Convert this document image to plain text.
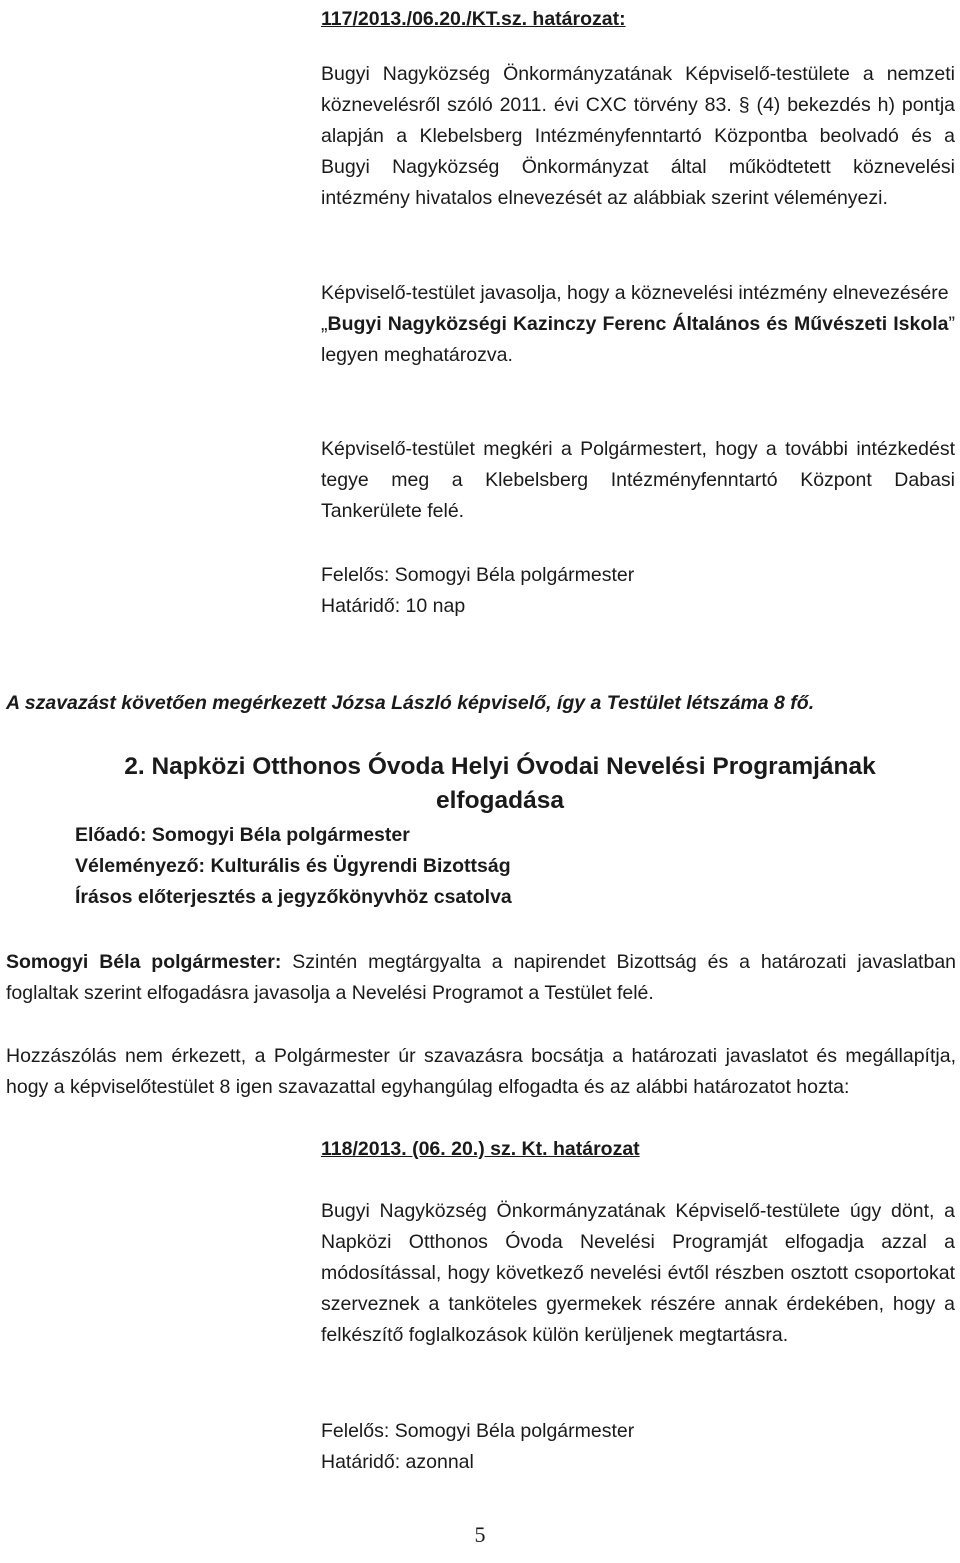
117/2013./06.20./KT.sz. határozat:

Bugyi Nagyközség Önkormányzatának Képviselő-testülete a nemzeti köznevelésről szóló 2011. évi CXC törvény 83. § (4) bekezdés h) pontja alapján a Klebelsberg Intézményfenntartó Központba beolvadó és a Bugyi Nagyközség Önkormányzat által működtetett köznevelési intézmény hivatalos elnevezését az alábbiak szerint véleményezi.

Képviselő-testület javasolja, hogy a köznevelési intézmény elnevezésére
„Bugyi Nagyközségi Kazinczy Ferenc Általános és Művészeti Iskola” legyen meghatározva.

Képviselő-testület megkéri a Polgármestert, hogy a további intézkedést tegye meg a Klebelsberg Intézményfenntartó Központ Dabasi Tankerülete felé.

Felelős: Somogyi Béla polgármester

Határidő: 10 nap

A szavazást követően megérkezett Józsa László képviselő, így a Testület létszáma 8 fő.

2. Napközi Otthonos Óvoda Helyi Óvodai Nevelési Programjának

elfogadása

Előadó: Somogyi Béla polgármester

Véleményező: Kulturális és Ügyrendi Bizottság

Írásos előterjesztés a jegyzőkönyvhöz csatolva

Somogyi Béla polgármester: Szintén megtárgyalta a napirendet Bizottság és a határozati javaslatban foglaltak szerint elfogadásra javasolja a Nevelési Programot a Testület felé.

Hozzászólás nem érkezett, a Polgármester úr szavazásra bocsátja a határozati javaslatot és megállapítja, hogy a képviselőtestület 8 igen szavazattal egyhangúlag elfogadta és az alábbi határozatot hozta:

118/2013. (06. 20.) sz. Kt. határozat

Bugyi Nagyközség Önkormányzatának Képviselő-testülete úgy dönt, a Napközi Otthonos Óvoda Nevelési Programját elfogadja azzal a módosítással, hogy következő nevelési évtől részben osztott csoportokat szerveznek a tanköteles gyermekek részére annak érdekében, hogy a felkészítő foglalkozások külön kerüljenek megtartásra.

Felelős: Somogyi Béla polgármester

Határidő: azonnal

5
